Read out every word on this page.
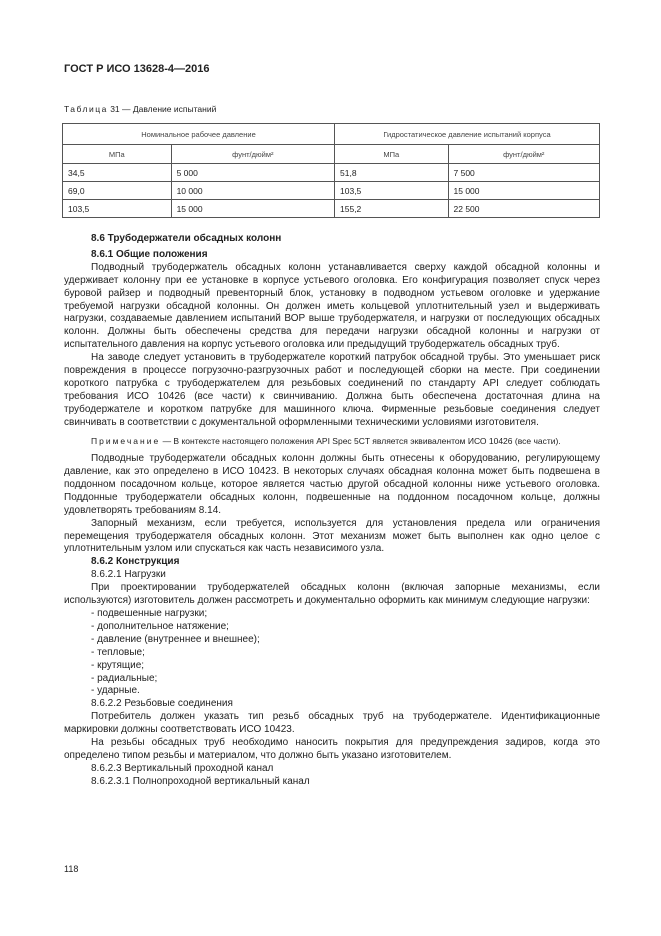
ГОСТ Р ИСО 13628-4—2016
Таблица 31 — Давление испытаний
Номинальное рабочее давление		Гидростатическое давление испытаний корпуса	
МПа	фунт/дюйм²	МПа	фунт/дюйм²
34,5	5 000	51,8	7 500
69,0	10 000	103,5	15 000
103,5	15 000	155,2	22 500

8.6 Трубодержатели обсадных колонн

8.6.1 Общие положения

Подводный трубодержатель обсадных колонн устанавливается сверху каждой обсадной колонны и удерживает колонну при ее установке в корпусе устьевого оголовка. Его конфигурация позволяет спуск через буровой райзер и подводный превенторный блок, установку в подводном устьевом оголовке и удержание требуемой нагрузки обсадной колонны. Он должен иметь кольцевой уплотнительный узел и выдерживать нагрузки, создаваемые давлением испытаний ВОР выше трубодержателя, и нагрузки от последующих обсадных колонн. Должны быть обеспечены средства для передачи нагрузки обсадной колонны и нагрузки от испытательного давления на корпус устьевого оголовка или предыдущий трубодержатель обсадных труб.

На заводе следует установить в трубодержателе короткий патрубок обсадной трубы. Это уменьшает риск повреждения в процессе погрузочно-разгрузочных работ и последующей сборки на месте. При соединении короткого патрубка с трубодержателем для резьбовых соединений по стандарту API следует соблюдать требования ИСО 10426 (все части) к свинчиванию. Должна быть обеспечена достаточная длина на трубодержателе и коротком патрубке для машинного ключа. Фирменные резьбовые соединения следует свинчивать в соответствии с документальной оформленными техническими условиями изготовителя.

Примечание — В контексте настоящего положения API Spec 5CT является эквивалентом ИСО 10426 (все части).

Подводные трубодержатели обсадных колонн должны быть отнесены к оборудованию, регулирующему давление, как это определено в ИСО 10423. В некоторых случаях обсадная колонна может быть подвешена в поддонном посадочном кольце, которое является частью другой обсадной колонны ниже устьевого оголовка. Поддонные трубодержатели обсадных колонн, подвешенные на поддонном посадочном кольце, должны удовлетворять требованиям 8.14.

Запорный механизм, если требуется, используется для установления предела или ограничения перемещения трубодержателя обсадных колонн. Этот механизм может быть выполнен как одно целое с уплотнительным узлом или спускаться как часть независимого узла.

8.6.2 Конструкция

8.6.2.1 Нагрузки

При проектировании трубодержателей обсадных колонн (включая запорные механизмы, если используются) изготовитель должен рассмотреть и документально оформить как минимум следующие нагрузки:

- подвешенные нагрузки;

- дополнительное натяжение;

- давление (внутреннее и внешнее);

- тепловые;

- крутящие;

- радиальные;

- ударные.

8.6.2.2 Резьбовые соединения

Потребитель должен указать тип резьб обсадных труб на трубодержателе. Идентификационные маркировки должны соответствовать ИСО 10423.

На резьбы обсадных труб необходимо наносить покрытия для предупреждения задиров, когда это определено типом резьбы и материалом, что должно быть указано изготовителем.

8.6.2.3 Вертикальный проходной канал

8.6.2.3.1 Полнопроходной вертикальный канал

118
